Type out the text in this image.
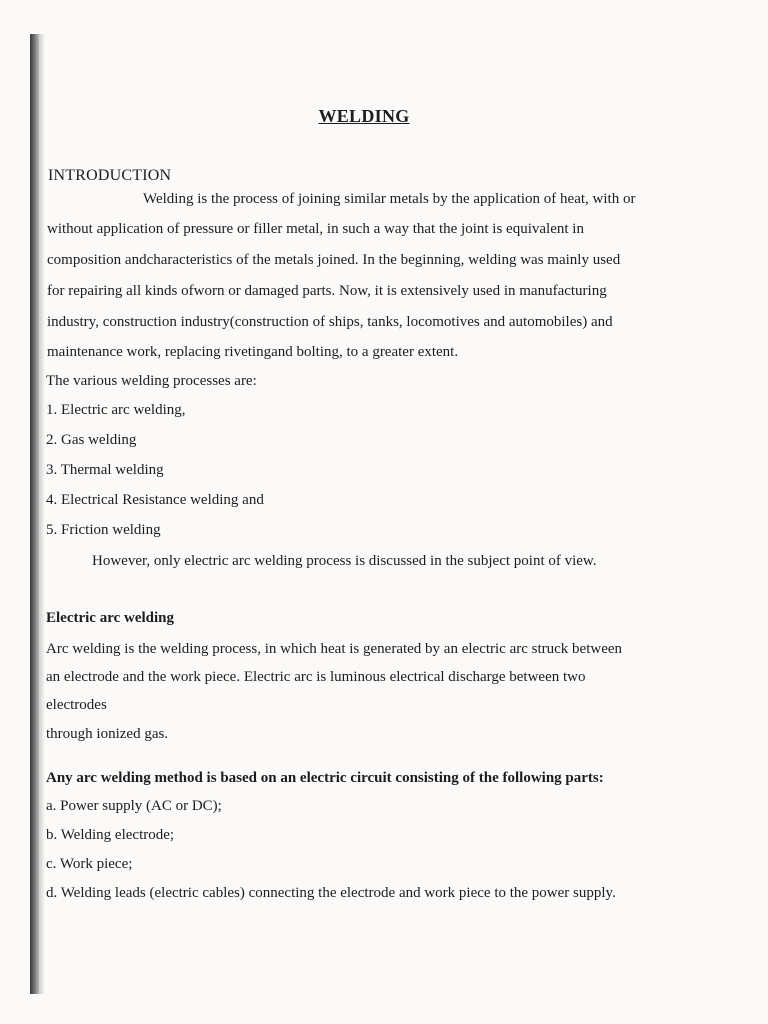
WELDING
INTRODUCTION
Welding is the process of joining similar metals by the application of heat, with or
without application of pressure or filler metal, in such a way that the joint is equivalent in
composition andcharacteristics of the metals joined. In the beginning, welding was mainly used
for repairing all kinds ofworn or damaged parts. Now, it is extensively used in manufacturing
industry, construction industry(construction of ships, tanks, locomotives and automobiles) and
maintenance work, replacing rivetingand bolting, to a greater extent.
The various welding processes are:
1. Electric arc welding,
2. Gas welding
3. Thermal welding
4. Electrical Resistance welding and
5. Friction welding
However, only electric arc welding process is discussed in the subject point of view.
Electric arc welding
Arc welding is the welding process, in which heat is generated by an electric arc struck between
an electrode and the work piece. Electric arc is luminous electrical discharge between two
electrodes
through ionized gas.
Any arc welding method is based on an electric circuit consisting of the following parts:
a. Power supply (AC or DC);
b. Welding electrode;
c. Work piece;
d. Welding leads (electric cables) connecting the electrode and work piece to the power supply.
